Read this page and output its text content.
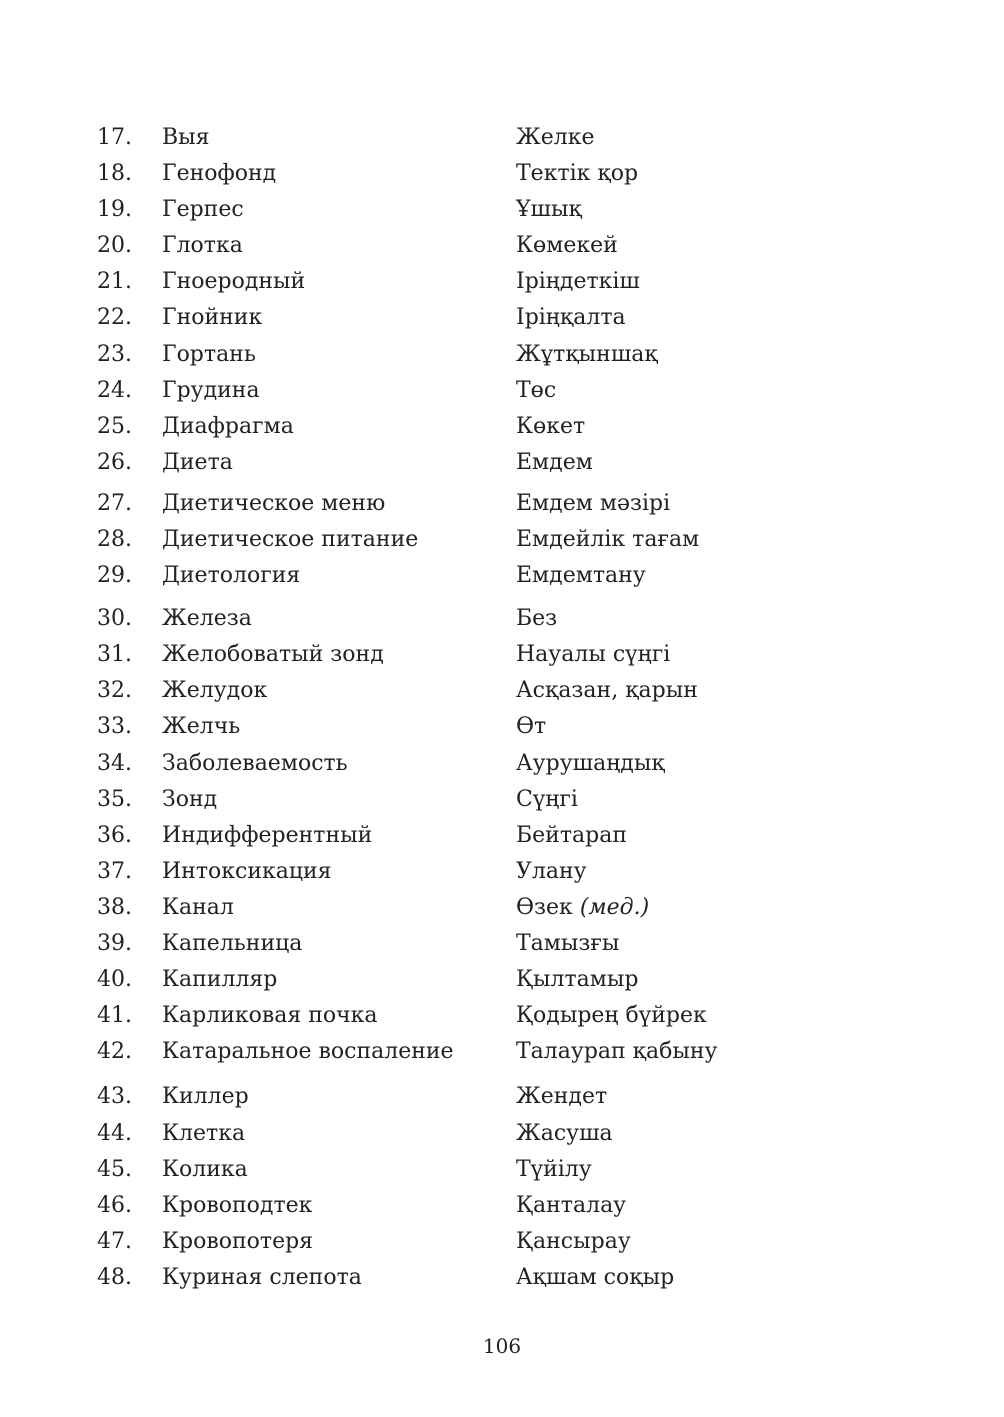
17. Выя	Желке
18. Генофонд	Тектік қор
19. Герпес	Ұшық
20. Глотка	Көмекей
21. Гноеродный	Іріңдеткіш
22. Гнойник	Іріңқалта
23. Гортань	Жұтқыншақ
24. Грудина	Төс
25. Диафрагма	Көкет
26. Диета	Емдем
27. Диетическое меню	Емдем мәзірі
28. Диетическое питание	Емдейлік тағам
29. Диетология	Емдемтану
30. Железа	Без
31. Желобоватый зонд	Науалы сүңгі
32. Желудок	Асқазан, қарын
33. Желчь	Өт
34. Заболеваемость	Аурушаңдық
35. Зонд	Сүңгі
36. Индифферентный	Бейтарап
37. Интоксикация	Улану
38. Канал	Өзек (мед.)
39. Капельница	Тамызғы
40. Капилляр	Қылтамыр
41. Карликовая почка	Қодырең бүйрек
42. Катаральное воспаление	Талаурап қабыну
43. Киллер	Жендет
44. Клетка	Жасуша
45. Колика	Түйілу
46. Кровоподтек	Қанталау
47. Кровопотеря	Қансырау
48. Куриная слепота	Ақшам соқыр
106
